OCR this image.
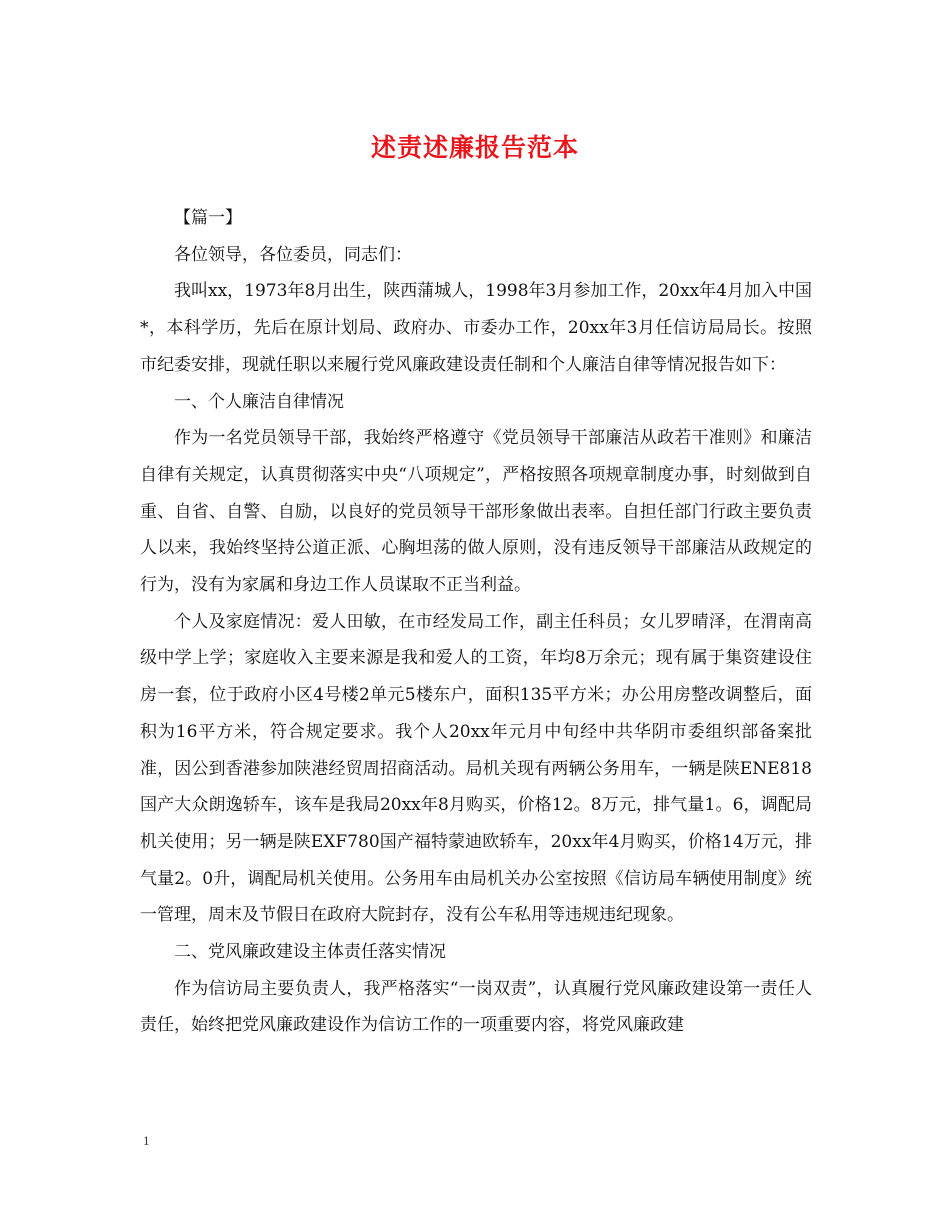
述责述廉报告范本

【篇一】

各位领导，各位委员，同志们：

我叫xx，1973年8月出生，陕西蒲城人，1998年3月参加工作，20xx年4月加入中国*，本科学历，先后在原计划局、政府办、市委办工作，20xx年3月任信访局局长。按照市纪委安排，现就任职以来履行党风廉政建设责任制和个人廉洁自律等情况报告如下：

一、个人廉洁自律情况

作为一名党员领导干部，我始终严格遵守《党员领导干部廉洁从政若干准则》和廉洁自律有关规定，认真贯彻落实中央“八项规定”，严格按照各项规章制度办事，时刻做到自重、自省、自警、自励，以良好的党员领导干部形象做出表率。自担任部门行政主要负责人以来，我始终坚持公道正派、心胸坦荡的做人原则，没有违反领导干部廉洁从政规定的行为，没有为家属和身边工作人员谋取不正当利益。

个人及家庭情况：爱人田敏，在市经发局工作，副主任科员；女儿罗晴泽，在渭南高级中学上学；家庭收入主要来源是我和爱人的工资，年均8万余元；现有属于集资建设住房一套，位于政府小区4号楼2单元5楼东户，面积135平方米；办公用房整改调整后，面积为16平方米，符合规定要求。我个人20xx年元月中旬经中共华阴市委组织部备案批准，因公到香港参加陕港经贸周招商活动。局机关现有两辆公务用车，一辆是陕ENE818国产大众朗逸轿车，该车是我局20xx年8月购买，价格12。8万元，排气量1。6，调配局机关使用；另一辆是陕EXF780国产福特蒙迪欧轿车，20xx年4月购买，价格14万元，排气量2。0升，调配局机关使用。公务用车由局机关办公室按照《信访局车辆使用制度》统一管理，周末及节假日在政府大院封存，没有公车私用等违规违纪现象。

二、党风廉政建设主体责任落实情况

作为信访局主要负责人，我严格落实“一岗双责”，认真履行党风廉政建设第一责任人责任，始终把党风廉政建设作为信访工作的一项重要内容，将党风廉政建

1
